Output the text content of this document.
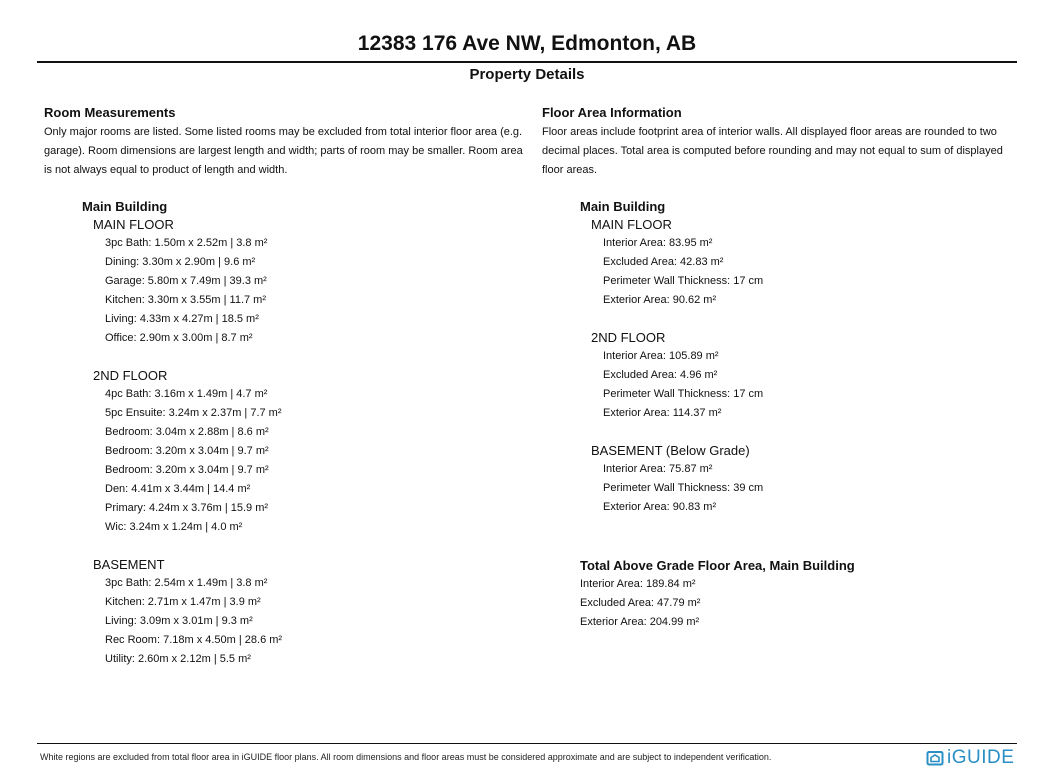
12383 176 Ave NW, Edmonton, AB
Property Details
Room Measurements
Only major rooms are listed. Some listed rooms may be excluded from total interior floor area (e.g. garage). Room dimensions are largest length and width; parts of room may be smaller. Room area is not always equal to product of length and width.
Floor Area Information
Floor areas include footprint area of interior walls. All displayed floor areas are rounded to two decimal places. Total area is computed before rounding and may not equal to sum of displayed floor areas.
Main Building
MAIN FLOOR
3pc Bath: 1.50m x 2.52m | 3.8 m²
Dining: 3.30m x 2.90m | 9.6 m²
Garage: 5.80m x 7.49m | 39.3 m²
Kitchen: 3.30m x 3.55m | 11.7 m²
Living: 4.33m x 4.27m | 18.5 m²
Office: 2.90m x 3.00m | 8.7 m²
2ND FLOOR
4pc Bath: 3.16m x 1.49m | 4.7 m²
5pc Ensuite: 3.24m x 2.37m | 7.7 m²
Bedroom: 3.04m x 2.88m | 8.6 m²
Bedroom: 3.20m x 3.04m | 9.7 m²
Bedroom: 3.20m x 3.04m | 9.7 m²
Den: 4.41m x 3.44m | 14.4 m²
Primary: 4.24m x 3.76m | 15.9 m²
Wic: 3.24m x 1.24m | 4.0 m²
BASEMENT
3pc Bath: 2.54m x 1.49m | 3.8 m²
Kitchen: 2.71m x 1.47m | 3.9 m²
Living: 3.09m x 3.01m | 9.3 m²
Rec Room: 7.18m x 4.50m | 28.6 m²
Utility: 2.60m x 2.12m | 5.5 m²
Main Building
MAIN FLOOR
Interior Area: 83.95 m²
Excluded Area: 42.83 m²
Perimeter Wall Thickness: 17 cm
Exterior Area: 90.62 m²
2ND FLOOR
Interior Area: 105.89 m²
Excluded Area: 4.96 m²
Perimeter Wall Thickness: 17 cm
Exterior Area: 114.37 m²
BASEMENT (Below Grade)
Interior Area: 75.87 m²
Perimeter Wall Thickness: 39 cm
Exterior Area: 90.83 m²
Total Above Grade Floor Area, Main Building
Interior Area: 189.84 m²
Excluded Area: 47.79 m²
Exterior Area: 204.99 m²
White regions are excluded from total floor area in iGUIDE floor plans. All room dimensions and floor areas must be considered approximate and are subject to independent verification.	iGUIDE
